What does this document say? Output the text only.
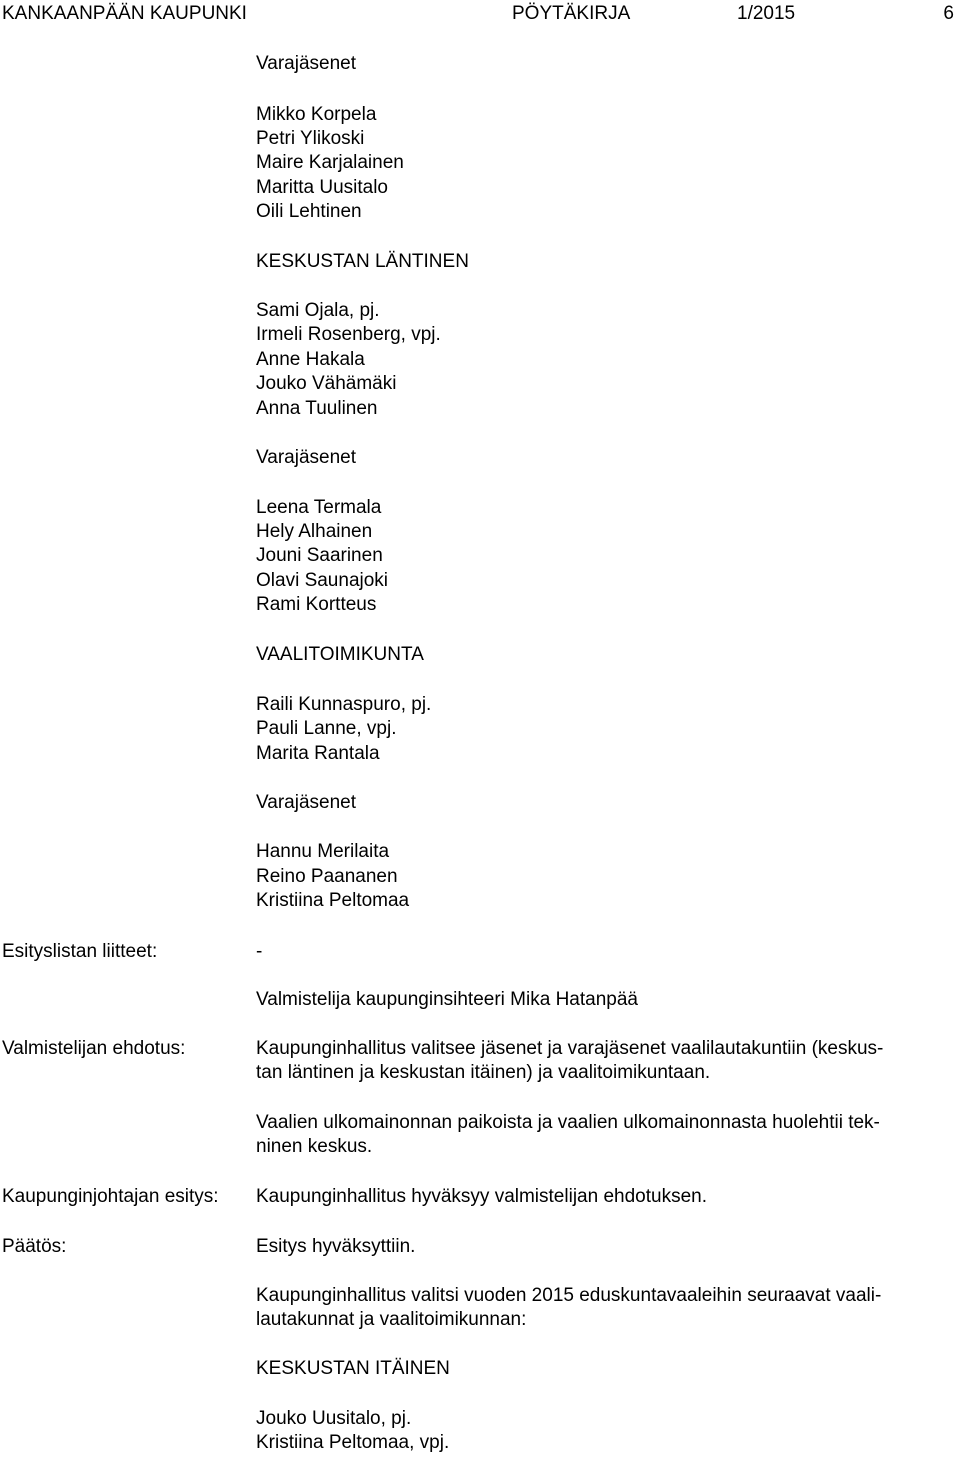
KANKAANPÄÄN KAUPUNKI	PÖYTÄKIRJA	1/2015	6
Varajäsenet
Mikko Korpela
Petri Ylikoski
Maire Karjalainen
Maritta Uusitalo
Oili Lehtinen
KESKUSTAN LÄNTINEN
Sami Ojala, pj.
Irmeli Rosenberg, vpj.
Anne Hakala
Jouko Vähämäki
Anna Tuulinen
Varajäsenet
Leena Termala
Hely Alhainen
Jouni Saarinen
Olavi Saunajoki
Rami Kortteus
VAALITOIMIKUNTA
Raili Kunnaspuro, pj.
Pauli Lanne, vpj.
Marita Rantala
Varajäsenet
Hannu Merilaita
Reino Paananen
Kristiina Peltomaa
Esityslistan liitteet:	-
Valmistelija kaupunginsihteeri Mika Hatanpää
Valmistelijan ehdotus:	Kaupunginhallitus valitsee jäsenet ja varajäsenet vaalilautakuntiin (keskus-
tan läntinen ja keskustan itäinen) ja vaalitoimikuntaan.
Vaalien ulkomainonnan paikoista ja vaalien ulkomainonnasta huolehtii tek-
ninen keskus.
Kaupunginjohtajan esitys: Kaupunginhallitus hyväksyy valmistelijan ehdotuksen.
Päätös:	Esitys hyväksyttiin.
Kaupunginhallitus valitsi vuoden 2015 eduskuntavaaleihin seuraavat vaali-
lautakunnat ja vaalitoimikunnan:
KESKUSTAN ITÄINEN
Jouko Uusitalo, pj.
Kristiina Peltomaa, vpj.
